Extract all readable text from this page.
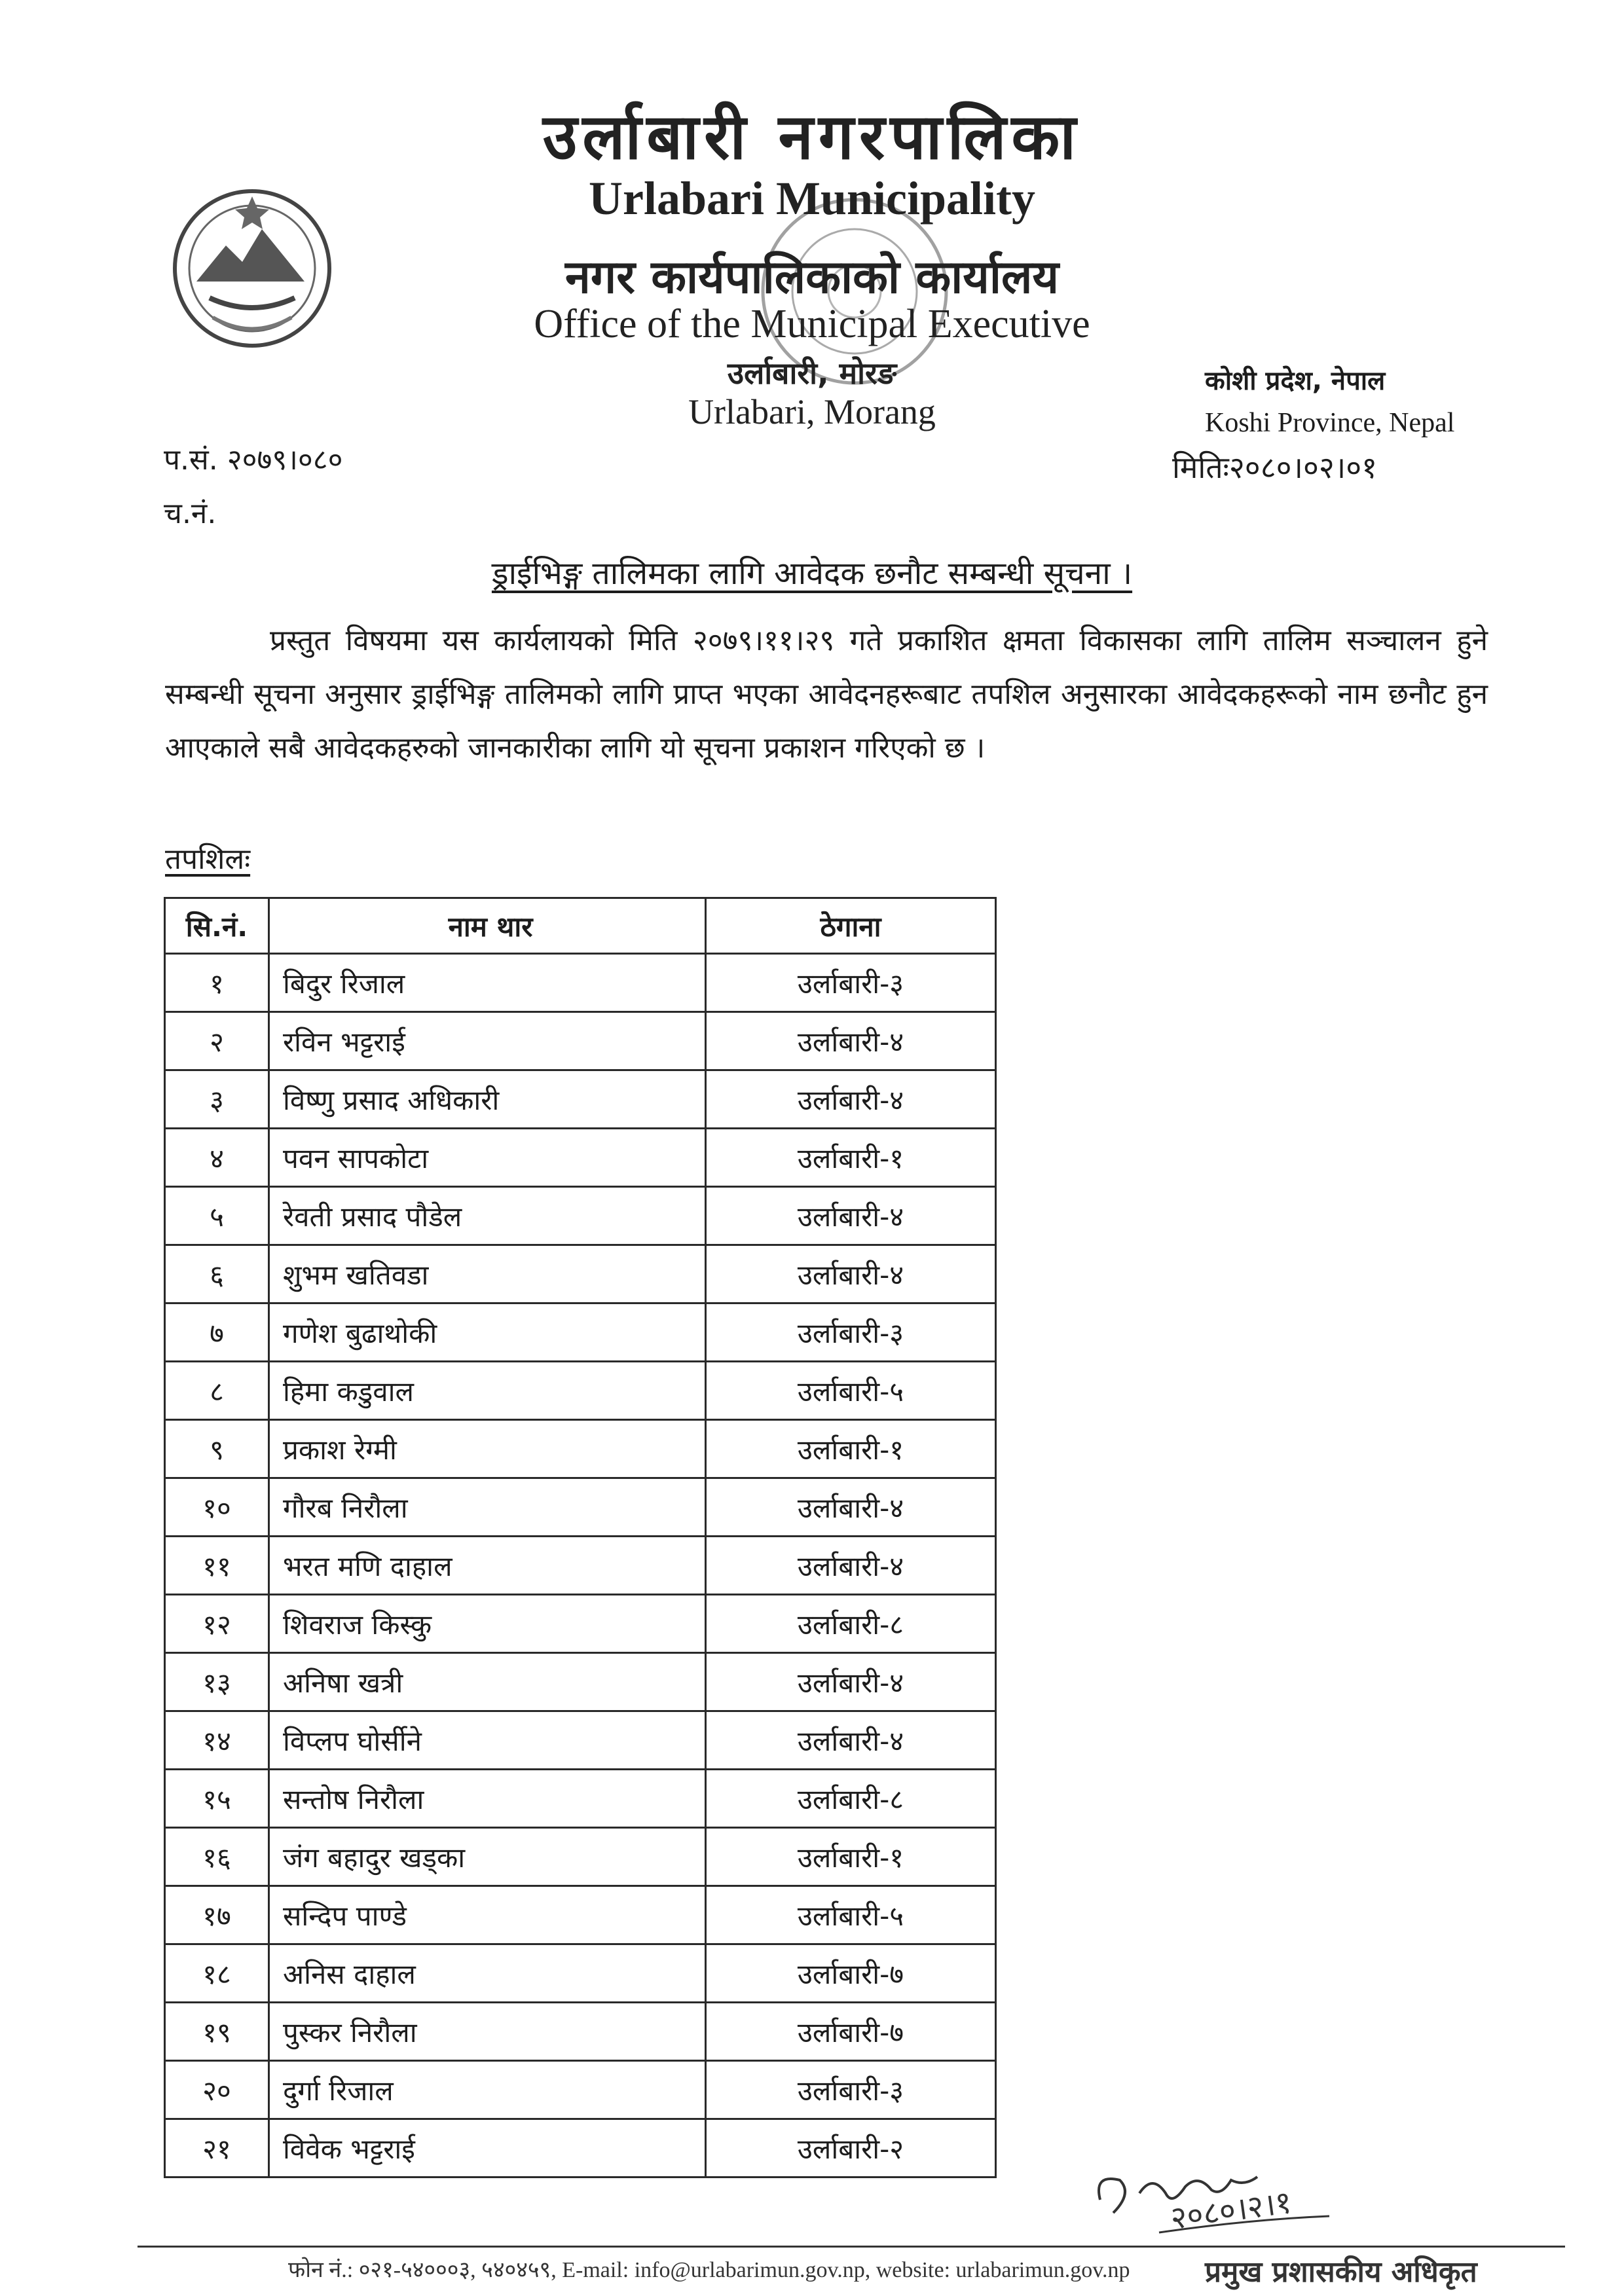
उर्लाबारी नगरपालिका
Urlabari Municipality
नगर कार्यपालिकाको कार्यालय
Office of the Municipal Executive
उर्लाबारी, मोरङ
Urlabari, Morang
कोशी प्रदेश, नेपाल
Koshi Province, Nepal
प.सं. २०७९।०८०
च.नं.
मितिः२०८०।०२।०१
ड्राईभिङ्ग तालिमका लागि आवेदक छनौट सम्बन्धी सूचना ।
प्रस्तुत विषयमा यस कार्यलायको मिति २०७९।११।२९ गते प्रकाशित क्षमता विकासका लागि तालिम सञ्चालन हुने सम्बन्धी सूचना अनुसार ड्राईभिङ्ग तालिमको लागि प्राप्त भएका आवेदनहरूबाट तपशिल अनुसारका आवेदकहरूको नाम छनौट हुन आएकाले सबै आवेदकहरुको जानकारीका लागि यो सूचना प्रकाशन गरिएको छ ।
तपशिलः
सि.नं.	नाम थार	ठेगाना
१	बिदुर रिजाल	उर्लाबारी-३
२	रविन भट्टराई	उर्लाबारी-४
३	विष्णु प्रसाद अधिकारी	उर्लाबारी-४
४	पवन सापकोटा	उर्लाबारी-१
५	रेवती प्रसाद पौडेल	उर्लाबारी-४
६	शुभम खतिवडा	उर्लाबारी-४
७	गणेश बुढाथोकी	उर्लाबारी-३
८	हिमा कडुवाल	उर्लाबारी-५
९	प्रकाश रेग्मी	उर्लाबारी-१
१०	गौरब निरौला	उर्लाबारी-४
११	भरत मणि दाहाल	उर्लाबारी-४
१२	शिवराज किस्कु	उर्लाबारी-८
१३	अनिषा खत्री	उर्लाबारी-४
१४	विप्लप घोर्सीने	उर्लाबारी-४
१५	सन्तोष निरौला	उर्लाबारी-८
१६	जंग बहादुर खड्का	उर्लाबारी-१
१७	सन्दिप पाण्डे	उर्लाबारी-५
१८	अनिस दाहाल	उर्लाबारी-७
१९	पुस्कर निरौला	उर्लाबारी-७
२०	दुर्गा रिजाल	उर्लाबारी-३
२१	विवेक भट्टराई	उर्लाबारी-२
२०८०।२।१
फोन नं.: ०२१-५४०००३, ५४०४५९, E-mail: info@urlabarimun.gov.np, website: urlabarimun.gov.np	प्रमुख प्रशासकीय अधिकृत
